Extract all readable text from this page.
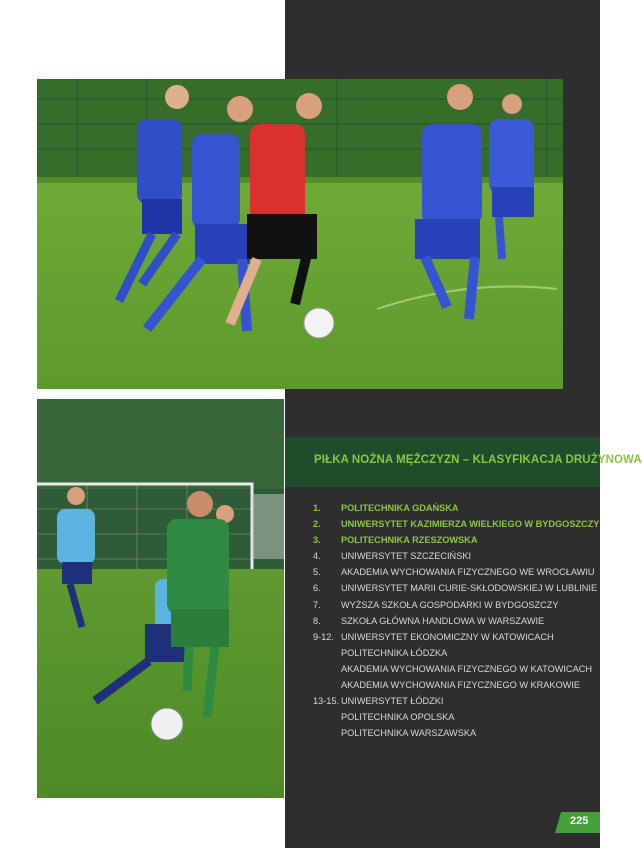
PIŁKA NOŻNA MĘŻCZYZN – KLASYFIKACJA DRUŻYNOWA
1.	POLITECHNIKA GDAŃSKA
2.	UNIWERSYTET KAZIMIERZA WIELKIEGO W BYDGOSZCZY
3.	POLITECHNIKA RZESZOWSKA
4.	UNIWERSYTET SZCZECIŃSKI
5.	AKADEMIA WYCHOWANIA FIZYCZNEGO WE WROCŁAWIU
6.	UNIWERSYTET MARII CURIE-SKŁODOWSKIEJ W LUBLINIE
7.	WYŻSZA SZKOŁA GOSPODARKI W BYDGOSZCZY
8.	SZKOŁA GŁÓWNA HANDLOWA W WARSZAWIE
9-12. UNIWERSYTET EKONOMICZNY W KATOWICACH
POLITECHNIKA ŁÓDZKA
AKADEMIA WYCHOWANIA FIZYCZNEGO W KATOWICACH
AKADEMIA WYCHOWANIA FIZYCZNEGO W KRAKOWIE
13-15. UNIWERSYTET ŁÓDZKI
POLITECHNIKA OPOLSKA
POLITECHNIKA WARSZAWSKA
225
